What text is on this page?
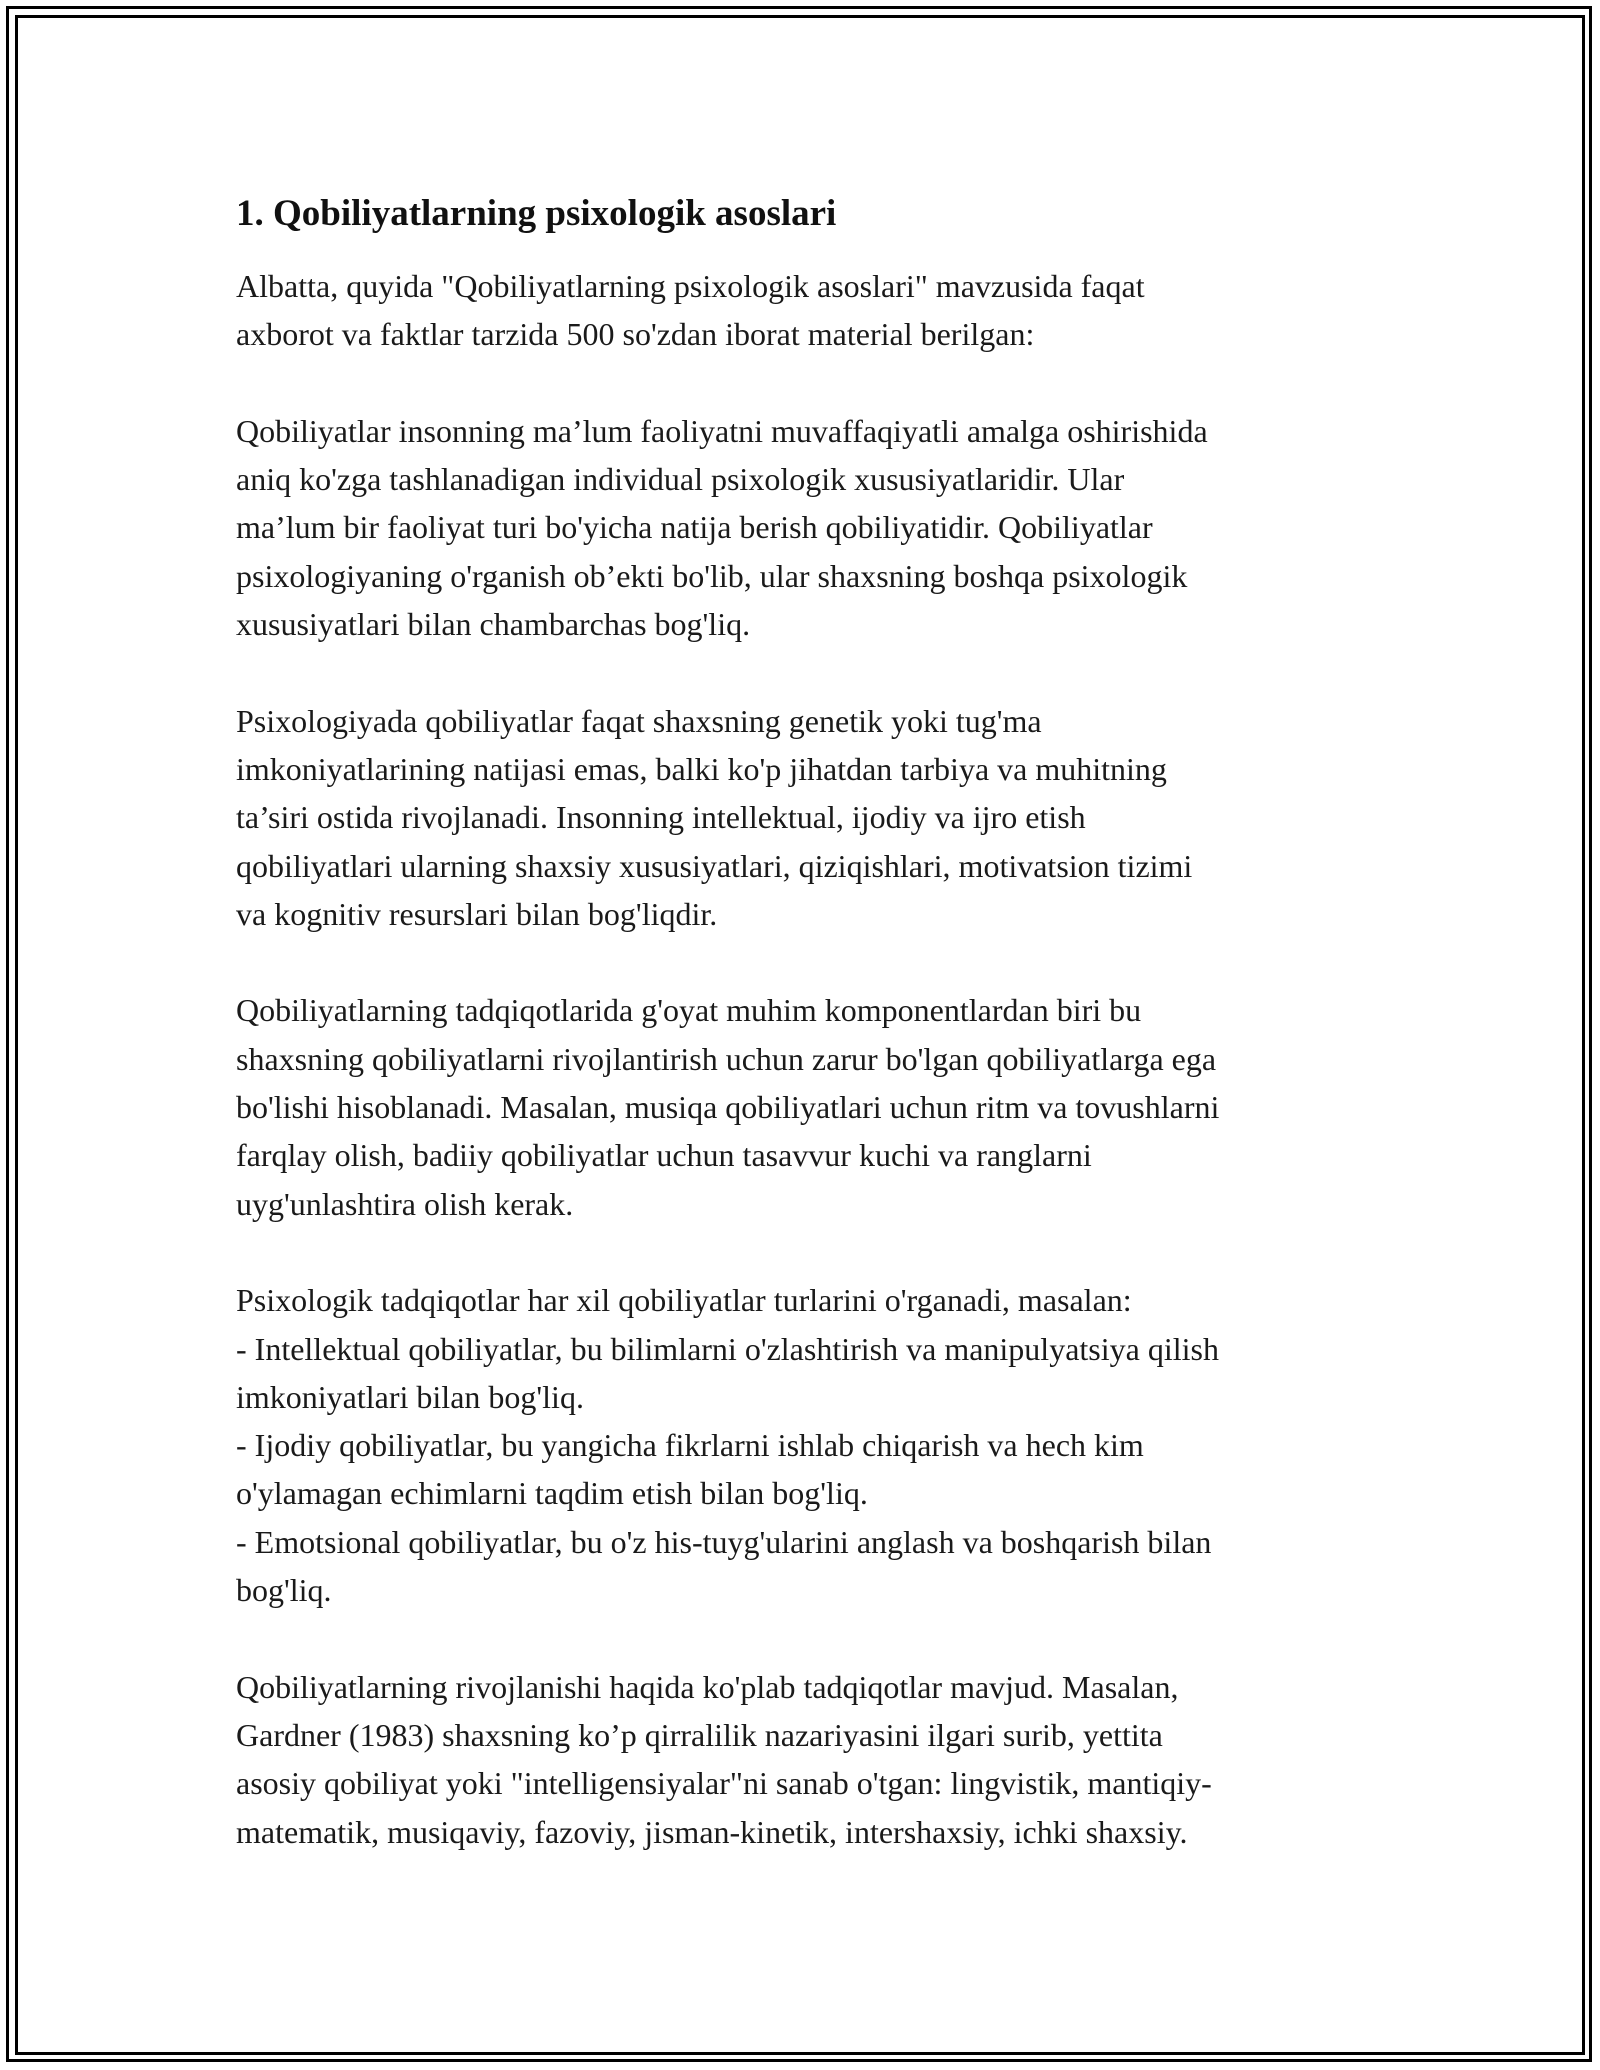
1. Qobiliyatlarning psixologik asoslari

Albatta, quyida "Qobiliyatlarning psixologik asoslari" mavzusida faqat
axborot va faktlar tarzida 500 so'zdan iborat material berilgan:

Qobiliyatlar insonning ma’lum faoliyatni muvaffaqiyatli amalga oshirishida
aniq ko'zga tashlanadigan individual psixologik xususiyatlaridir. Ular
ma’lum bir faoliyat turi bo'yicha natija berish qobiliyatidir. Qobiliyatlar
psixologiyaning o'rganish ob’ekti bo'lib, ular shaxsning boshqa psixologik
xususiyatlari bilan chambarchas bog'liq.

Psixologiyada qobiliyatlar faqat shaxsning genetik yoki tug'ma
imkoniyatlarining natijasi emas, balki ko'p jihatdan tarbiya va muhitning
ta’siri ostida rivojlanadi. Insonning intellektual, ijodiy va ijro etish
qobiliyatlari ularning shaxsiy xususiyatlari, qiziqishlari, motivatsion tizimi
va kognitiv resurslari bilan bog'liqdir.

Qobiliyatlarning tadqiqotlarida g'oyat muhim komponentlardan biri bu
shaxsning qobiliyatlarni rivojlantirish uchun zarur bo'lgan qobiliyatlarga ega
bo'lishi hisoblanadi. Masalan, musiqa qobiliyatlari uchun ritm va tovushlarni
farqlay olish, badiiy qobiliyatlar uchun tasavvur kuchi va ranglarni
uyg'unlashtira olish kerak.

Psixologik tadqiqotlar har xil qobiliyatlar turlarini o'rganadi, masalan:
- Intellektual qobiliyatlar, bu bilimlarni o'zlashtirish va manipulyatsiya qilish
imkoniyatlari bilan bog'liq.
- Ijodiy qobiliyatlar, bu yangicha fikrlarni ishlab chiqarish va hech kim
o'ylamagan echimlarni taqdim etish bilan bog'liq.
- Emotsional qobiliyatlar, bu o'z his-tuyg'ularini anglash va boshqarish bilan
bog'liq.

Qobiliyatlarning rivojlanishi haqida ko'plab tadqiqotlar mavjud. Masalan,
Gardner (1983) shaxsning ko’p qirralilik nazariyasini ilgari surib, yettita
asosiy qobiliyat yoki "intelligensiyalar"ni sanab o'tgan: lingvistik, mantiqiy-
matematik, musiqaviy, fazoviy, jisman-kinetik, intershaxsiy, ichki shaxsiy.
